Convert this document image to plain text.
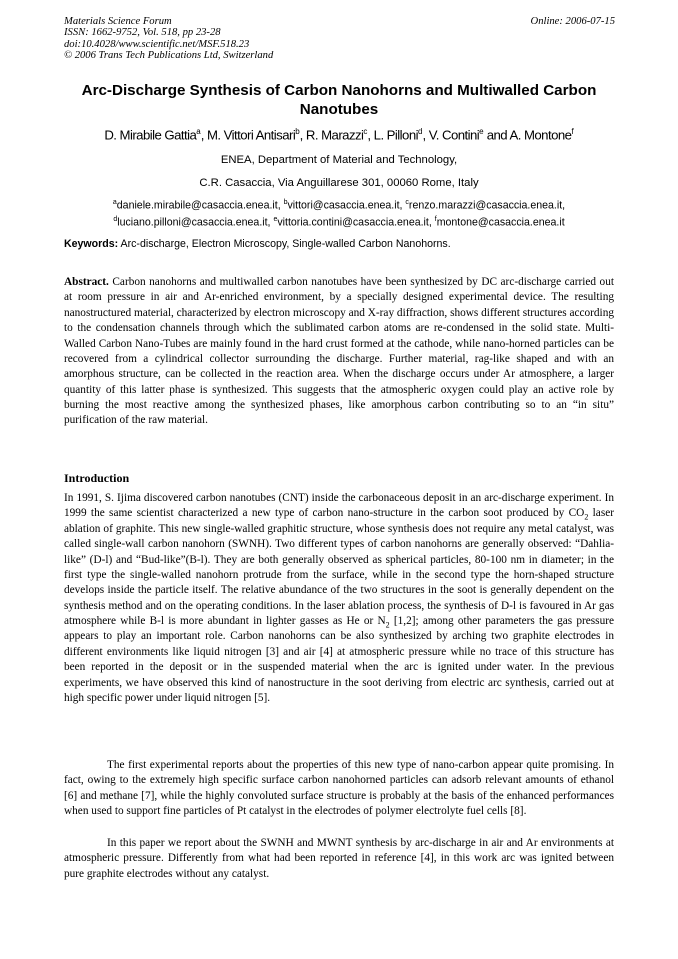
Materials Science Forum
ISSN: 1662-9752, Vol. 518, pp 23-28
doi:10.4028/www.scientific.net/MSF.518.23
© 2006 Trans Tech Publications Ltd, Switzerland
Online: 2006-07-15
Arc-Discharge Synthesis of Carbon Nanohorns and Multiwalled Carbon Nanotubes
D. Mirabile Gattia$^a$, M. Vittori Antisari$^b$, R. Marazzi$^c$, L. Pilloni$^d$, V. Contini$^e$ and A. Montone$^f$
ENEA, Department of Material and Technology,
C.R. Casaccia, Via Anguillarese 301, 00060 Rome, Italy
$^a$daniele.mirabile@casaccia.enea.it, $^b$vittori@casaccia.enea.it, $^c$renzo.marazzi@casaccia.enea.it,
$^d$luciano.pilloni@casaccia.enea.it, $^e$vittoria.contini@casaccia.enea.it, $^f$montone@casaccia.enea.it
Keywords: Arc-discharge, Electron Microscopy, Single-walled Carbon Nanohorns.

Abstract. Carbon nanohorns and multiwalled carbon nanotubes have been synthesized by DC arc-discharge carried out at room pressure in air and Ar-enriched environment, by a specially designed experimental device. The resulting nanostructured material, characterized by electron microscopy and X-ray diffraction, shows different structures according to the condensation channels through which the sublimated carbon atoms are re-condensed in the solid state. Multi-Walled Carbon Nano-Tubes are mainly found in the hard crust formed at the cathode, while nano-horned particles can be recovered from a cylindrical collector surrounding the discharge. Further material, rag-like shaped and with an amorphous structure, can be collected in the reaction area. When the discharge occurs under Ar atmosphere, a larger quantity of this latter phase is synthesized. This suggests that the atmospheric oxygen could play an active role by burning the most reactive among the synthesized phases, like amorphous carbon contributing so to an “in situ” purification of the raw material.

Introduction

In 1991, S. Ijima discovered carbon nanotubes (CNT) inside the carbonaceous deposit in an arc-discharge experiment. In 1999 the same scientist characterized a new type of carbon nano-structure in the carbon soot produced by $CO_2$ laser ablation of graphite. This new single-walled graphitic structure, whose synthesis does not require any metal catalyst, was called single-wall carbon nanohorn (SWNH). Two different types of carbon nanohorns are generally observed: “Dahlia-like” (D-l) and “Bud-like”(B-l). They are both generally observed as spherical particles, 80-100 nm in diameter; in the first type the single-walled nanohorn protrude from the surface, while in the second type the horn-shaped structure develops inside the particle itself. The relative abundance of the two structures in the soot is generally dependent on the synthesis method and on the operating conditions. In the laser ablation process, the synthesis of D-l is favoured in Ar gas atmosphere while B-l is more abundant in lighter gasses as He or $N_2$ [1,2]; among other parameters the gas pressure appears to play an important role. Carbon nanohorns can be also synthesized by arching two graphite electrodes in different environments like liquid nitrogen [3] and air [4] at atmospheric pressure while no trace of this structure has been reported in the deposit or in the suspended material when the arc is ignited under water. In the previous experiments, we have observed this kind of nanostructure in the soot deriving from electric arc synthesis, carried out at high specific power under liquid nitrogen [5].

The first experimental reports about the properties of this new type of nano-carbon appear quite promising. In fact, owing to the extremely high specific surface carbon nanohorned particles can adsorb relevant amounts of ethanol [6] and methane [7], while the highly convoluted surface structure is probably at the basis of the enhanced performances when used to support fine particles of Pt catalyst in the electrodes of polymer electrolyte fuel cells [8].

In this paper we report about the SWNH and MWNT synthesis by arc-discharge in air and Ar environments at atmospheric pressure. Differently from what had been reported in reference [4], in this work arc was ignited between pure graphite electrodes without any catalyst.
